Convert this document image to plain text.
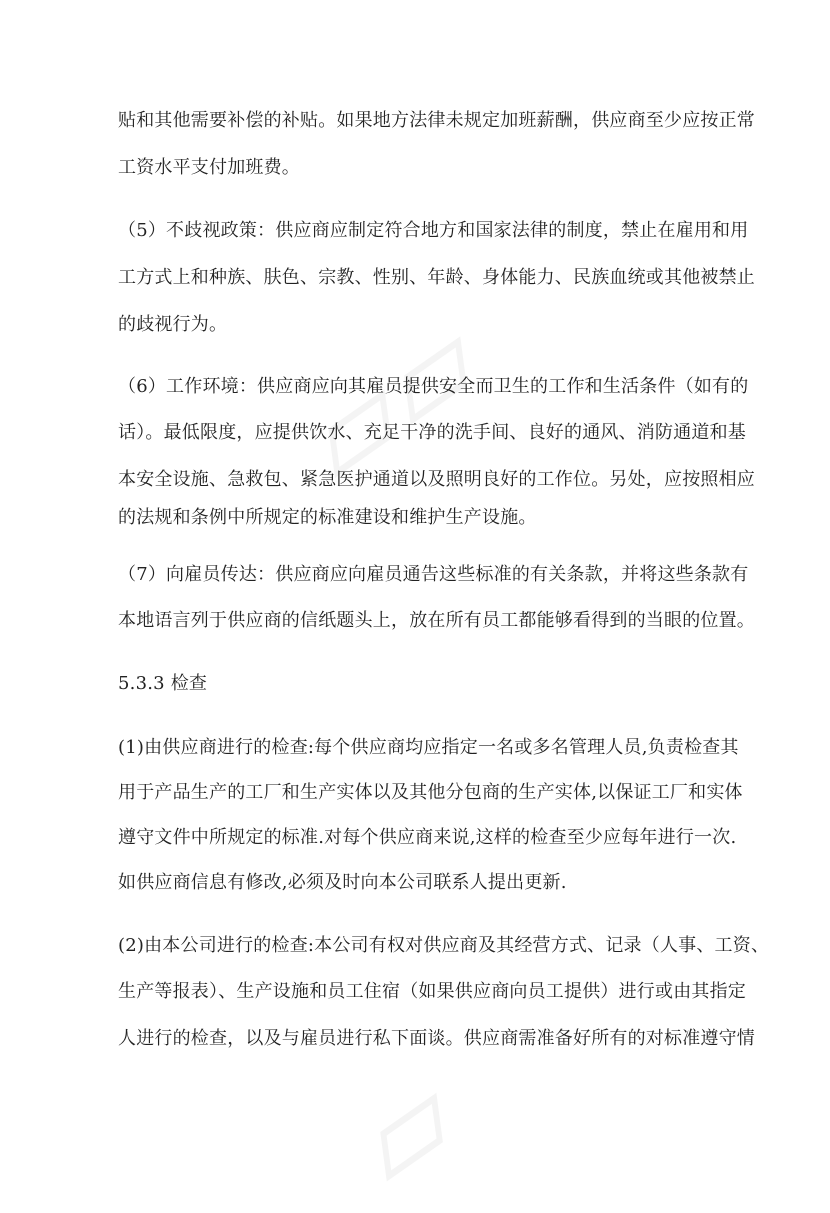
贴和其他需要补偿的补贴。如果地方法律未规定加班薪酬，供应商至少应按正常
工资水平支付加班费。
（5）不歧视政策：供应商应制定符合地方和国家法律的制度，禁止在雇用和用
工方式上和种族、肤色、宗教、性别、年龄、身体能力、民族血统或其他被禁止
的歧视行为。
（6）工作环境：供应商应向其雇员提供安全而卫生的工作和生活条件（如有的
话）。最低限度，应提供饮水、充足干净的洗手间、良好的通风、消防通道和基
本安全设施、急救包、紧急医护通道以及照明良好的工作位。另处，应按照相应
的法规和条例中所规定的标准建设和维护生产设施。
（7）向雇员传达：供应商应向雇员通告这些标准的有关条款，并将这些条款有
本地语言列于供应商的信纸题头上，放在所有员工都能够看得到的当眼的位置。
5.3.3 检查
(1)由供应商进行的检查:每个供应商均应指定一名或多名管理人员,负责检查其
用于产品生产的工厂和生产实体以及其他分包商的生产实体,以保证工厂和实体
遵守文件中所规定的标准.对每个供应商来说,这样的检查至少应每年进行一次.
如供应商信息有修改,必须及时向本公司联系人提出更新.
(2)由本公司进行的检查:本公司有权对供应商及其经营方式、记录（人事、工资、
生产等报表）、生产设施和员工住宿（如果供应商向员工提供）进行或由其指定
人进行的检查，以及与雇员进行私下面谈。供应商需准备好所有的对标准遵守情
